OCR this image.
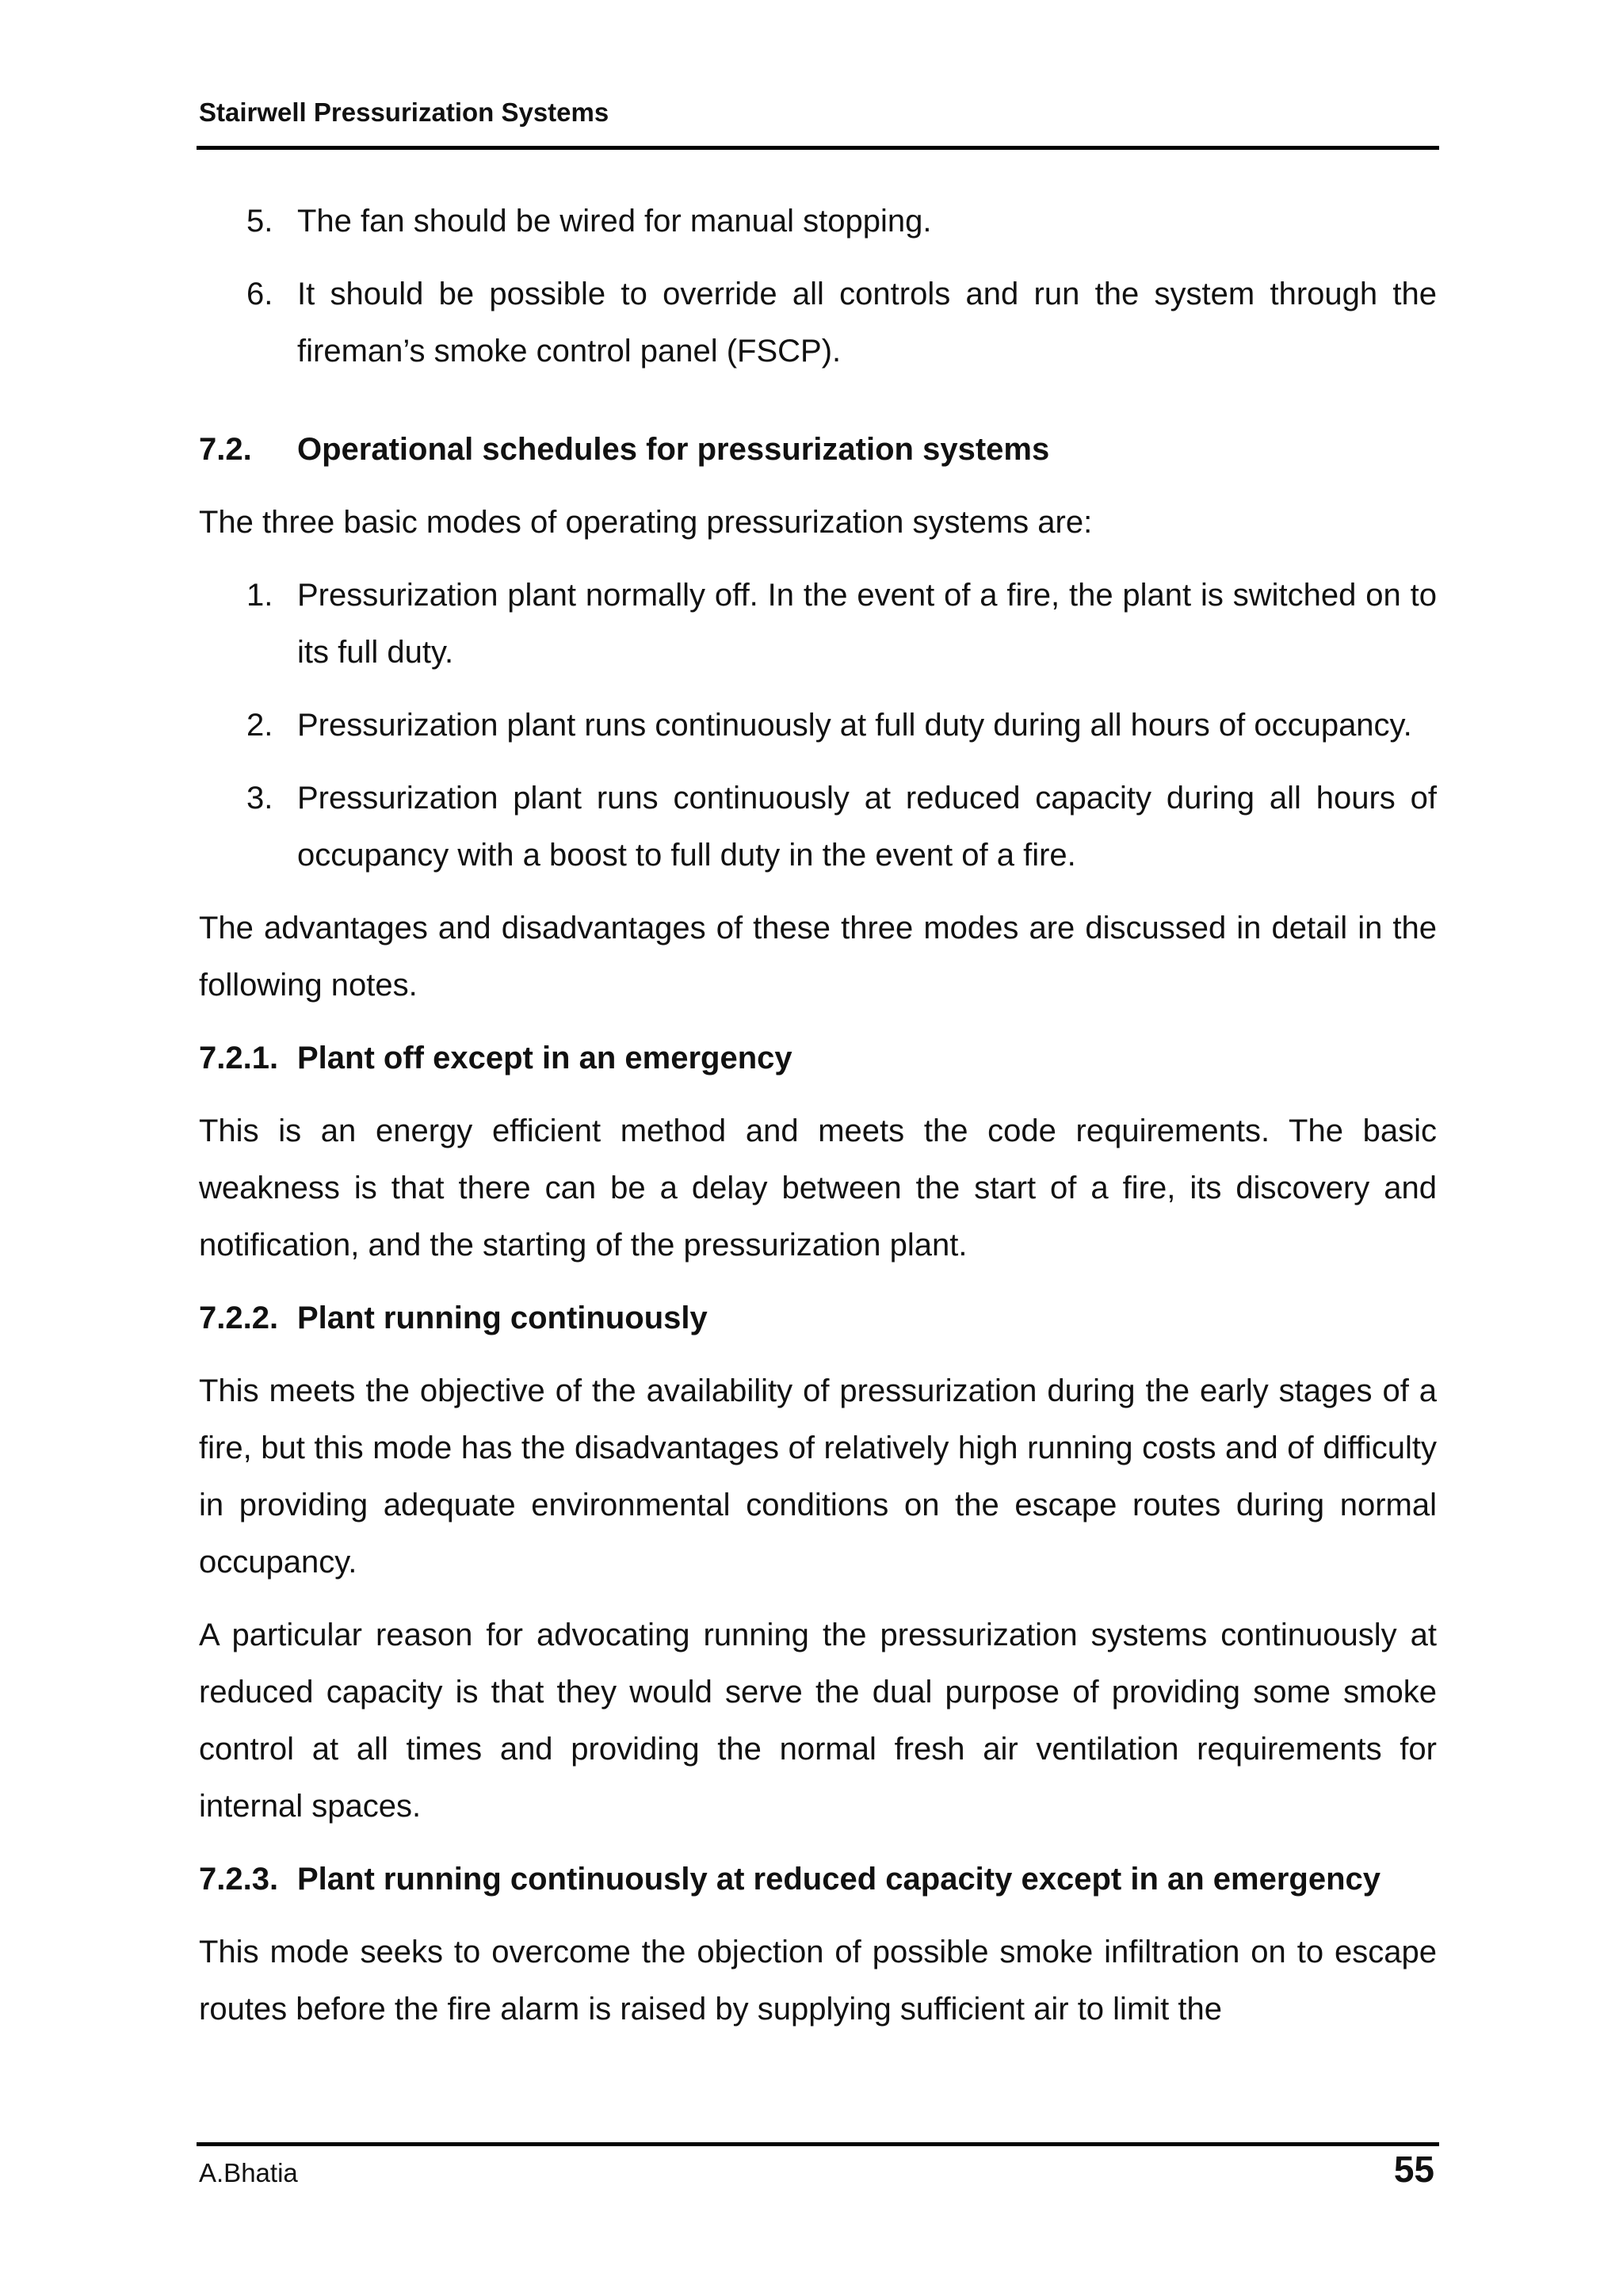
Stairwell Pressurization Systems
5. The fan should be wired for manual stopping.
6. It should be possible to override all controls and run the system through the fireman’s smoke control panel (FSCP).
7.2. Operational schedules for pressurization systems

The three basic modes of operating pressurization systems are:

1. Pressurization plant normally off. In the event of a fire, the plant is switched on to its full duty.
2. Pressurization plant runs continuously at full duty during all hours of occupancy.
3. Pressurization plant runs continuously at reduced capacity during all hours of occupancy with a boost to full duty in the event of a fire.

The advantages and disadvantages of these three modes are discussed in detail in the following notes.

7.2.1. Plant off except in an emergency

This is an energy efficient method and meets the code requirements. The basic weakness is that there can be a delay between the start of a fire, its discovery and notification, and the starting of the pressurization plant.

7.2.2. Plant running continuously

This meets the objective of the availability of pressurization during the early stages of a fire, but this mode has the disadvantages of relatively high running costs and of difficulty in providing adequate environmental conditions on the escape routes during normal occupancy.

A particular reason for advocating running the pressurization systems continuously at reduced capacity is that they would serve the dual purpose of providing some smoke control at all times and providing the normal fresh air ventilation requirements for internal spaces.

7.2.3. Plant running continuously at reduced capacity except in an emergency

This mode seeks to overcome the objection of possible smoke infiltration on to escape routes before the fire alarm is raised by supplying sufficient air to limit the

A.Bhatia	55
